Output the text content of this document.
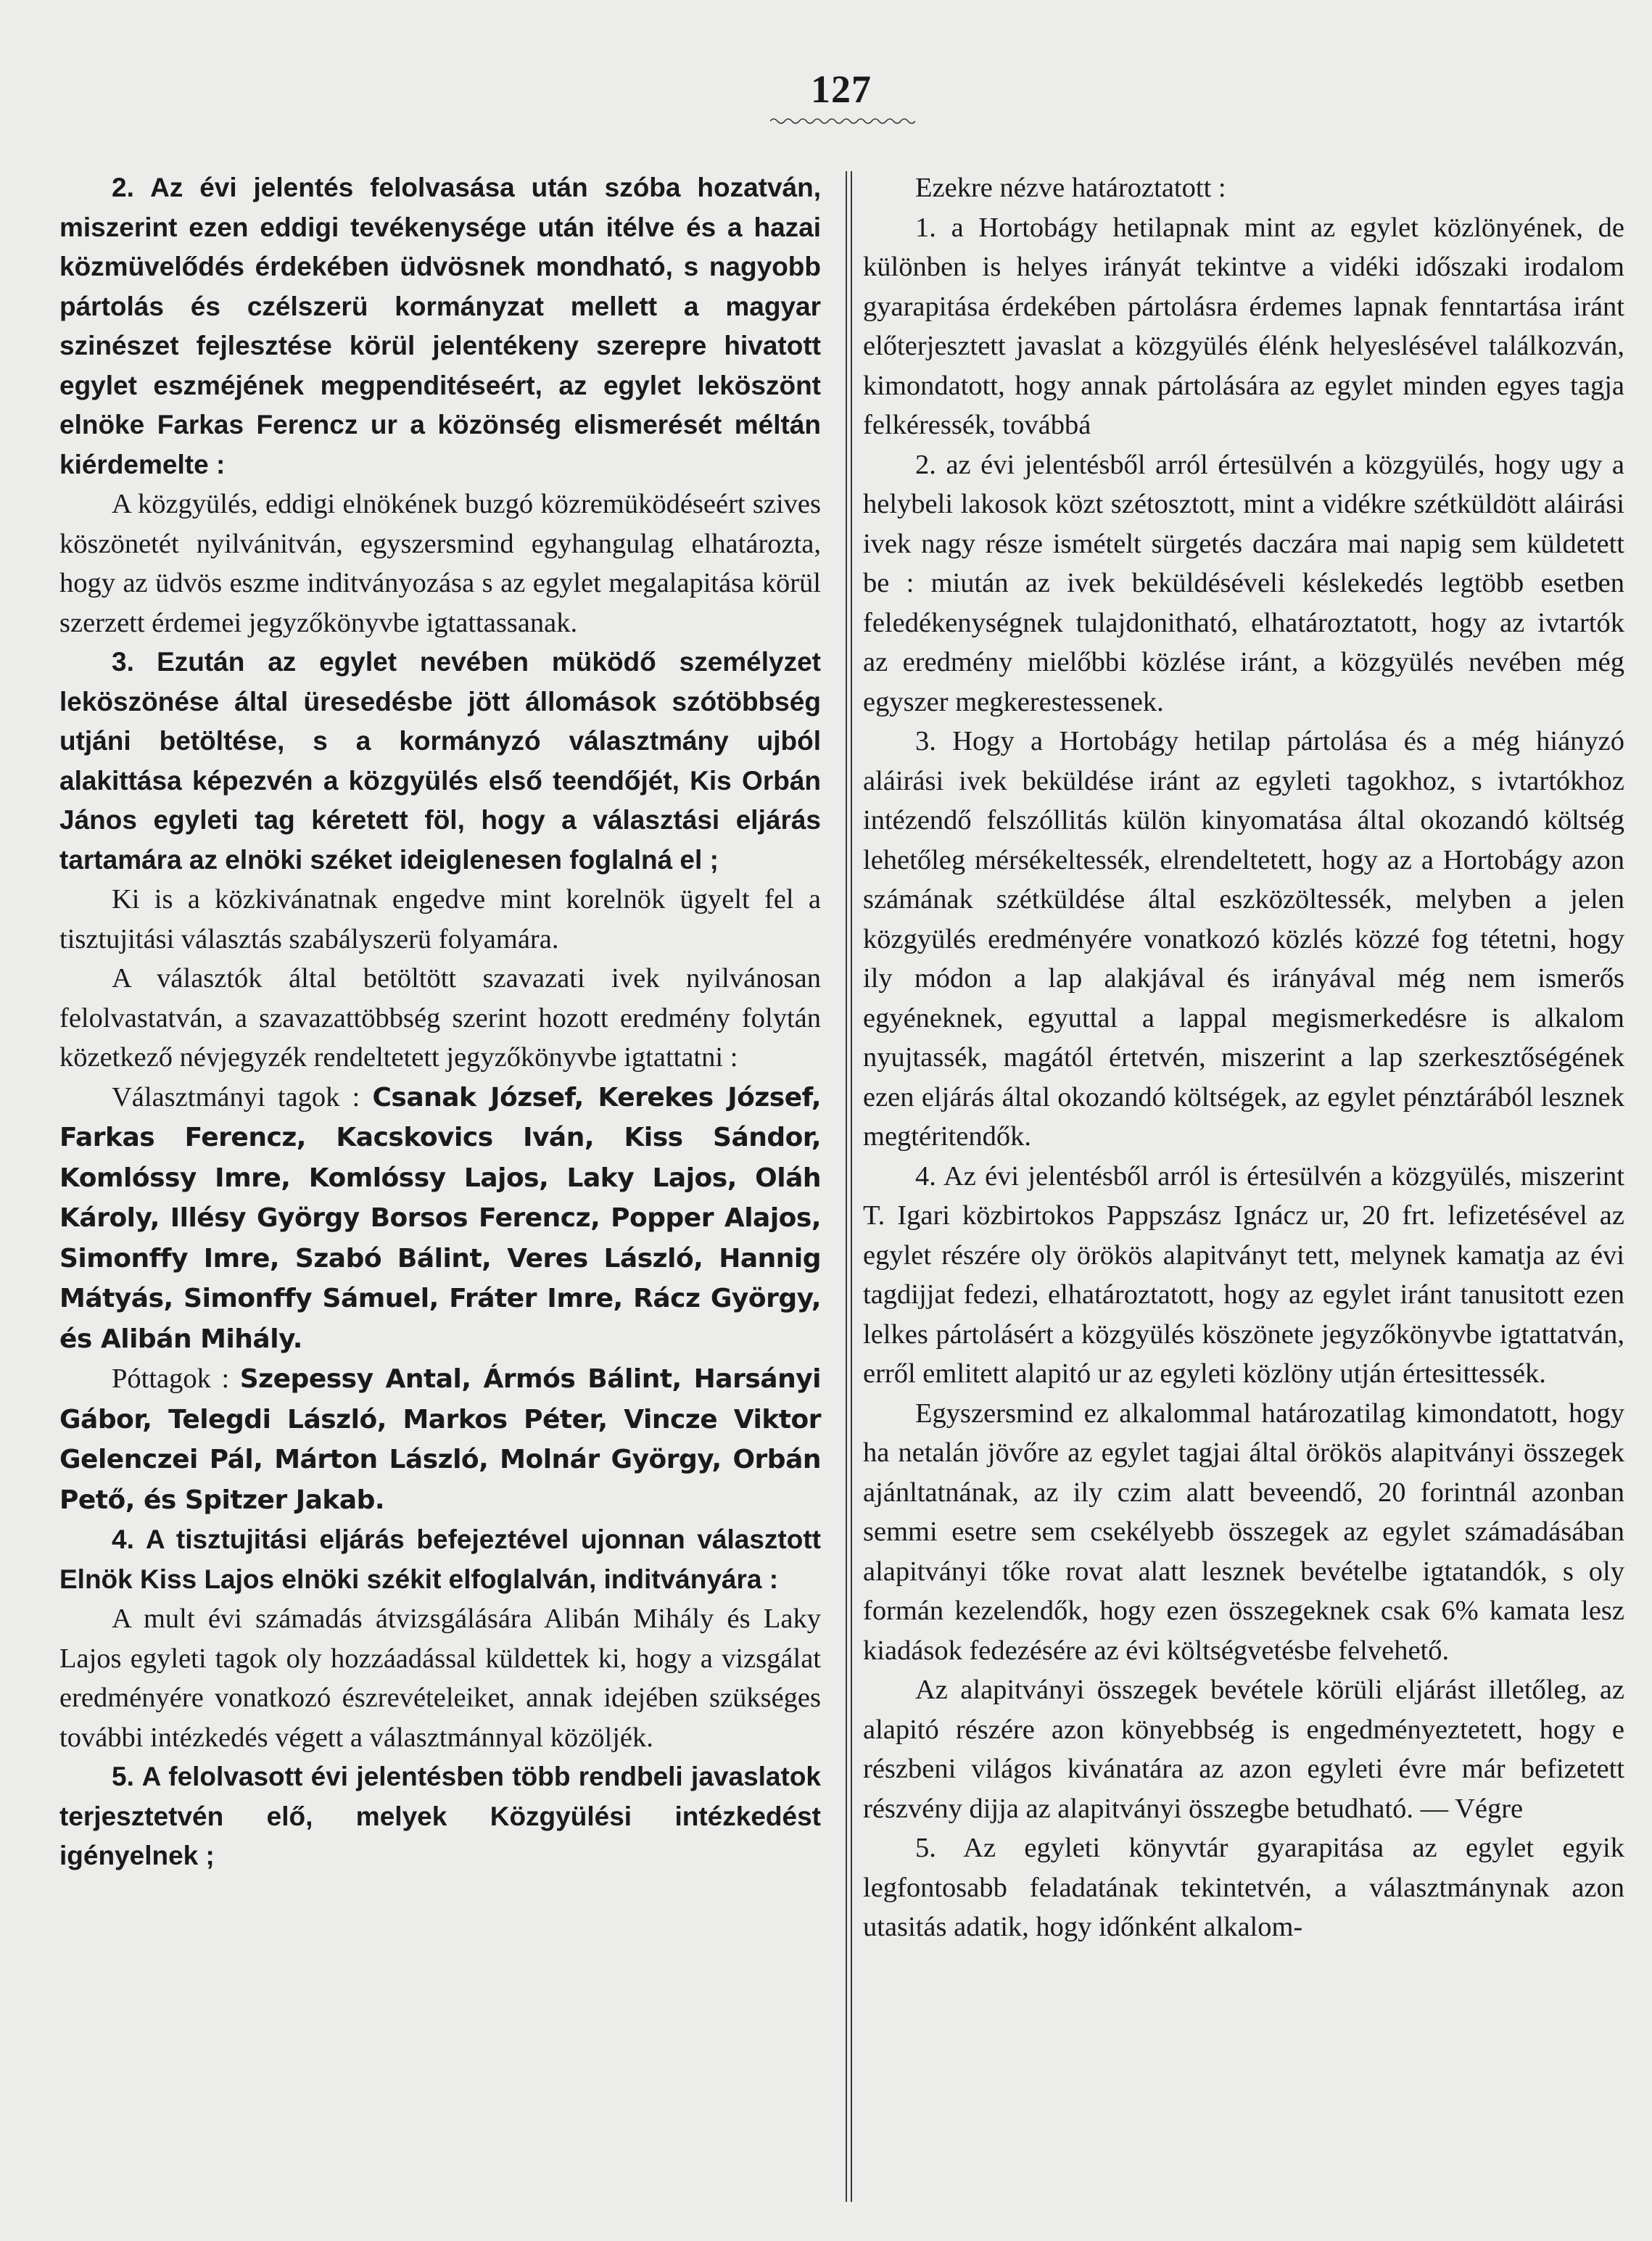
127

2. Az évi jelentés felolvasása után szóba hozatván, miszerint ezen eddigi tevékenysége után itélve és a hazai közmüvelődés érdekében üdvösnek mondható, s nagyobb pártolás és czélszerü kormányzat mellett a magyar szinészet fejlesztése körül jelentékeny szerepre hivatott egylet eszméjének megpenditéseért, az egylet leköszönt elnöke Farkas Ferencz ur a közönség elismerését méltán kiérdemelte :

A közgyülés, eddigi elnökének buzgó közremüködéseért szives köszönetét nyilvánitván, egyszersmind egyhangulag elhatározta, hogy az üdvös eszme inditványozása s az egylet megalapitása körül szerzett érdemei jegyzőkönyvbe igtattassanak.

3. Ezután az egylet nevében müködő személyzet leköszönése által üresedésbe jött állomások szótöbbség utjáni betöltése, s a kormányzó választmány ujból alakittása képezvén a közgyülés első teendőjét, Kis Orbán János egyleti tag kéretett föl, hogy a választási eljárás tartamára az elnöki széket ideiglenesen foglalná el ;

Ki is a közkivánatnak engedve mint korelnök ügyelt fel a tisztujitási választás szabályszerü folyamára.

A választók által betöltött szavazati ivek nyilvánosan felolvastatván, a szavazattöbbség szerint hozott eredmény folytán közetkező névjegyzék rendeltetett jegyzőkönyvbe igtattatni :

Választmányi tagok : Csanak József, Kerekes József, Farkas Ferencz, Kacskovics Iván, Kiss Sándor, Komlóssy Imre, Komlóssy Lajos, Laky Lajos, Oláh Károly, Illésy György Borsos Ferencz, Popper Alajos, Simonffy Imre, Szabó Bálint, Veres László, Hannig Mátyás, Simonffy Sámuel, Fráter Imre, Rácz György, és Alibán Mihály.

Póttagok : Szepessy Antal, Ármós Bálint, Harsányi Gábor, Telegdi László, Markos Péter, Vincze Viktor Gelenczei Pál, Márton László, Molnár György, Orbán Pető, és Spitzer Jakab.

4. A tisztujitási eljárás befejeztével ujonnan választott Elnök Kiss Lajos elnöki székit elfoglalván, inditványára :

A mult évi számadás átvizsgálására Alibán Mihály és Laky Lajos egyleti tagok oly hozzáadással küldettek ki, hogy a vizsgálat eredményére vonatkozó észrevételeiket, annak idejében szükséges további intézkedés végett a választmánnyal közöljék.

5. A felolvasott évi jelentésben több rendbeli javaslatok terjesztetvén elő, melyek Közgyülési intézkedést igényelnek ;

Ezekre nézve határoztatott :

1. a Hortobágy hetilapnak mint az egylet közlönyének, de különben is helyes irányát tekintve a vidéki időszaki irodalom gyarapitása érdekében pártolásra érdemes lapnak fenntartása iránt előterjesztett javaslat a közgyülés élénk helyeslésével találkozván, kimondatott, hogy annak pártolására az egylet minden egyes tagja felkéressék, továbbá

2. az évi jelentésből arról értesülvén a közgyülés, hogy ugy a helybeli lakosok közt szétosztott, mint a vidékre szétküldött aláirási ivek nagy része ismételt sürgetés daczára mai napig sem küldetett be : miután az ivek beküldéséveli késlekedés legtöbb esetben feledékenységnek tulajdonitható, elhatároztatott, hogy az ivtartók az eredmény mielőbbi közlése iránt, a közgyülés nevében még egyszer megkerestessenek.

3. Hogy a Hortobágy hetilap pártolása és a még hiányzó aláirási ivek beküldése iránt az egyleti tagokhoz, s ivtartókhoz intézendő felszóllitás külön kinyomatása által okozandó költség lehetőleg mérsékeltessék, elrendeltetett, hogy az a Hortobágy azon számának szétküldése által eszközöltessék, melyben a jelen közgyülés eredményére vonatkozó közlés közzé fog tétetni, hogy ily módon a lap alakjával és irányával még nem ismerős egyéneknek, egyuttal a lappal megismerkedésre is alkalom nyujtassék, magától értetvén, miszerint a lap szerkesztőségének ezen eljárás által okozandó költségek, az egylet pénztárából lesznek megtéritendők.

4. Az évi jelentésből arról is értesülvén a közgyülés, miszerint T. Igari közbirtokos Pappszász Ignácz ur, 20 frt. lefizetésével az egylet részére oly örökös alapitványt tett, melynek kamatja az évi tagdijjat fedezi, elhatároztatott, hogy az egylet iránt tanusitott ezen lelkes pártolásért a közgyülés köszönete jegyzőkönyvbe igtattatván, erről emlitett alapitó ur az egyleti közlöny utján értesittessék.

Egyszersmind ez alkalommal határozatilag kimondatott, hogy ha netalán jövőre az egylet tagjai által örökös alapitványi összegek ajánltatnának, az ily czim alatt beveendő, 20 forintnál azonban semmi esetre sem csekélyebb összegek az egylet számadásában alapitványi tőke rovat alatt lesznek bevételbe igtatandók, s oly formán kezelendők, hogy ezen összegeknek csak 6% kamata lesz kiadások fedezésére az évi költségvetésbe felvehető.

Az alapitványi összegek bevétele körüli eljárást illetőleg, az alapitó részére azon könyebbség is engedményeztetett, hogy e részbeni világos kivánatára az azon egyleti évre már befizetett részvény dijja az alapitványi összegbe betudható. — Végre

5. Az egyleti könyvtár gyarapitása az egylet egyik legfontosabb feladatának tekintetvén, a választmánynak azon utasitás adatik, hogy időnként alkalom-
